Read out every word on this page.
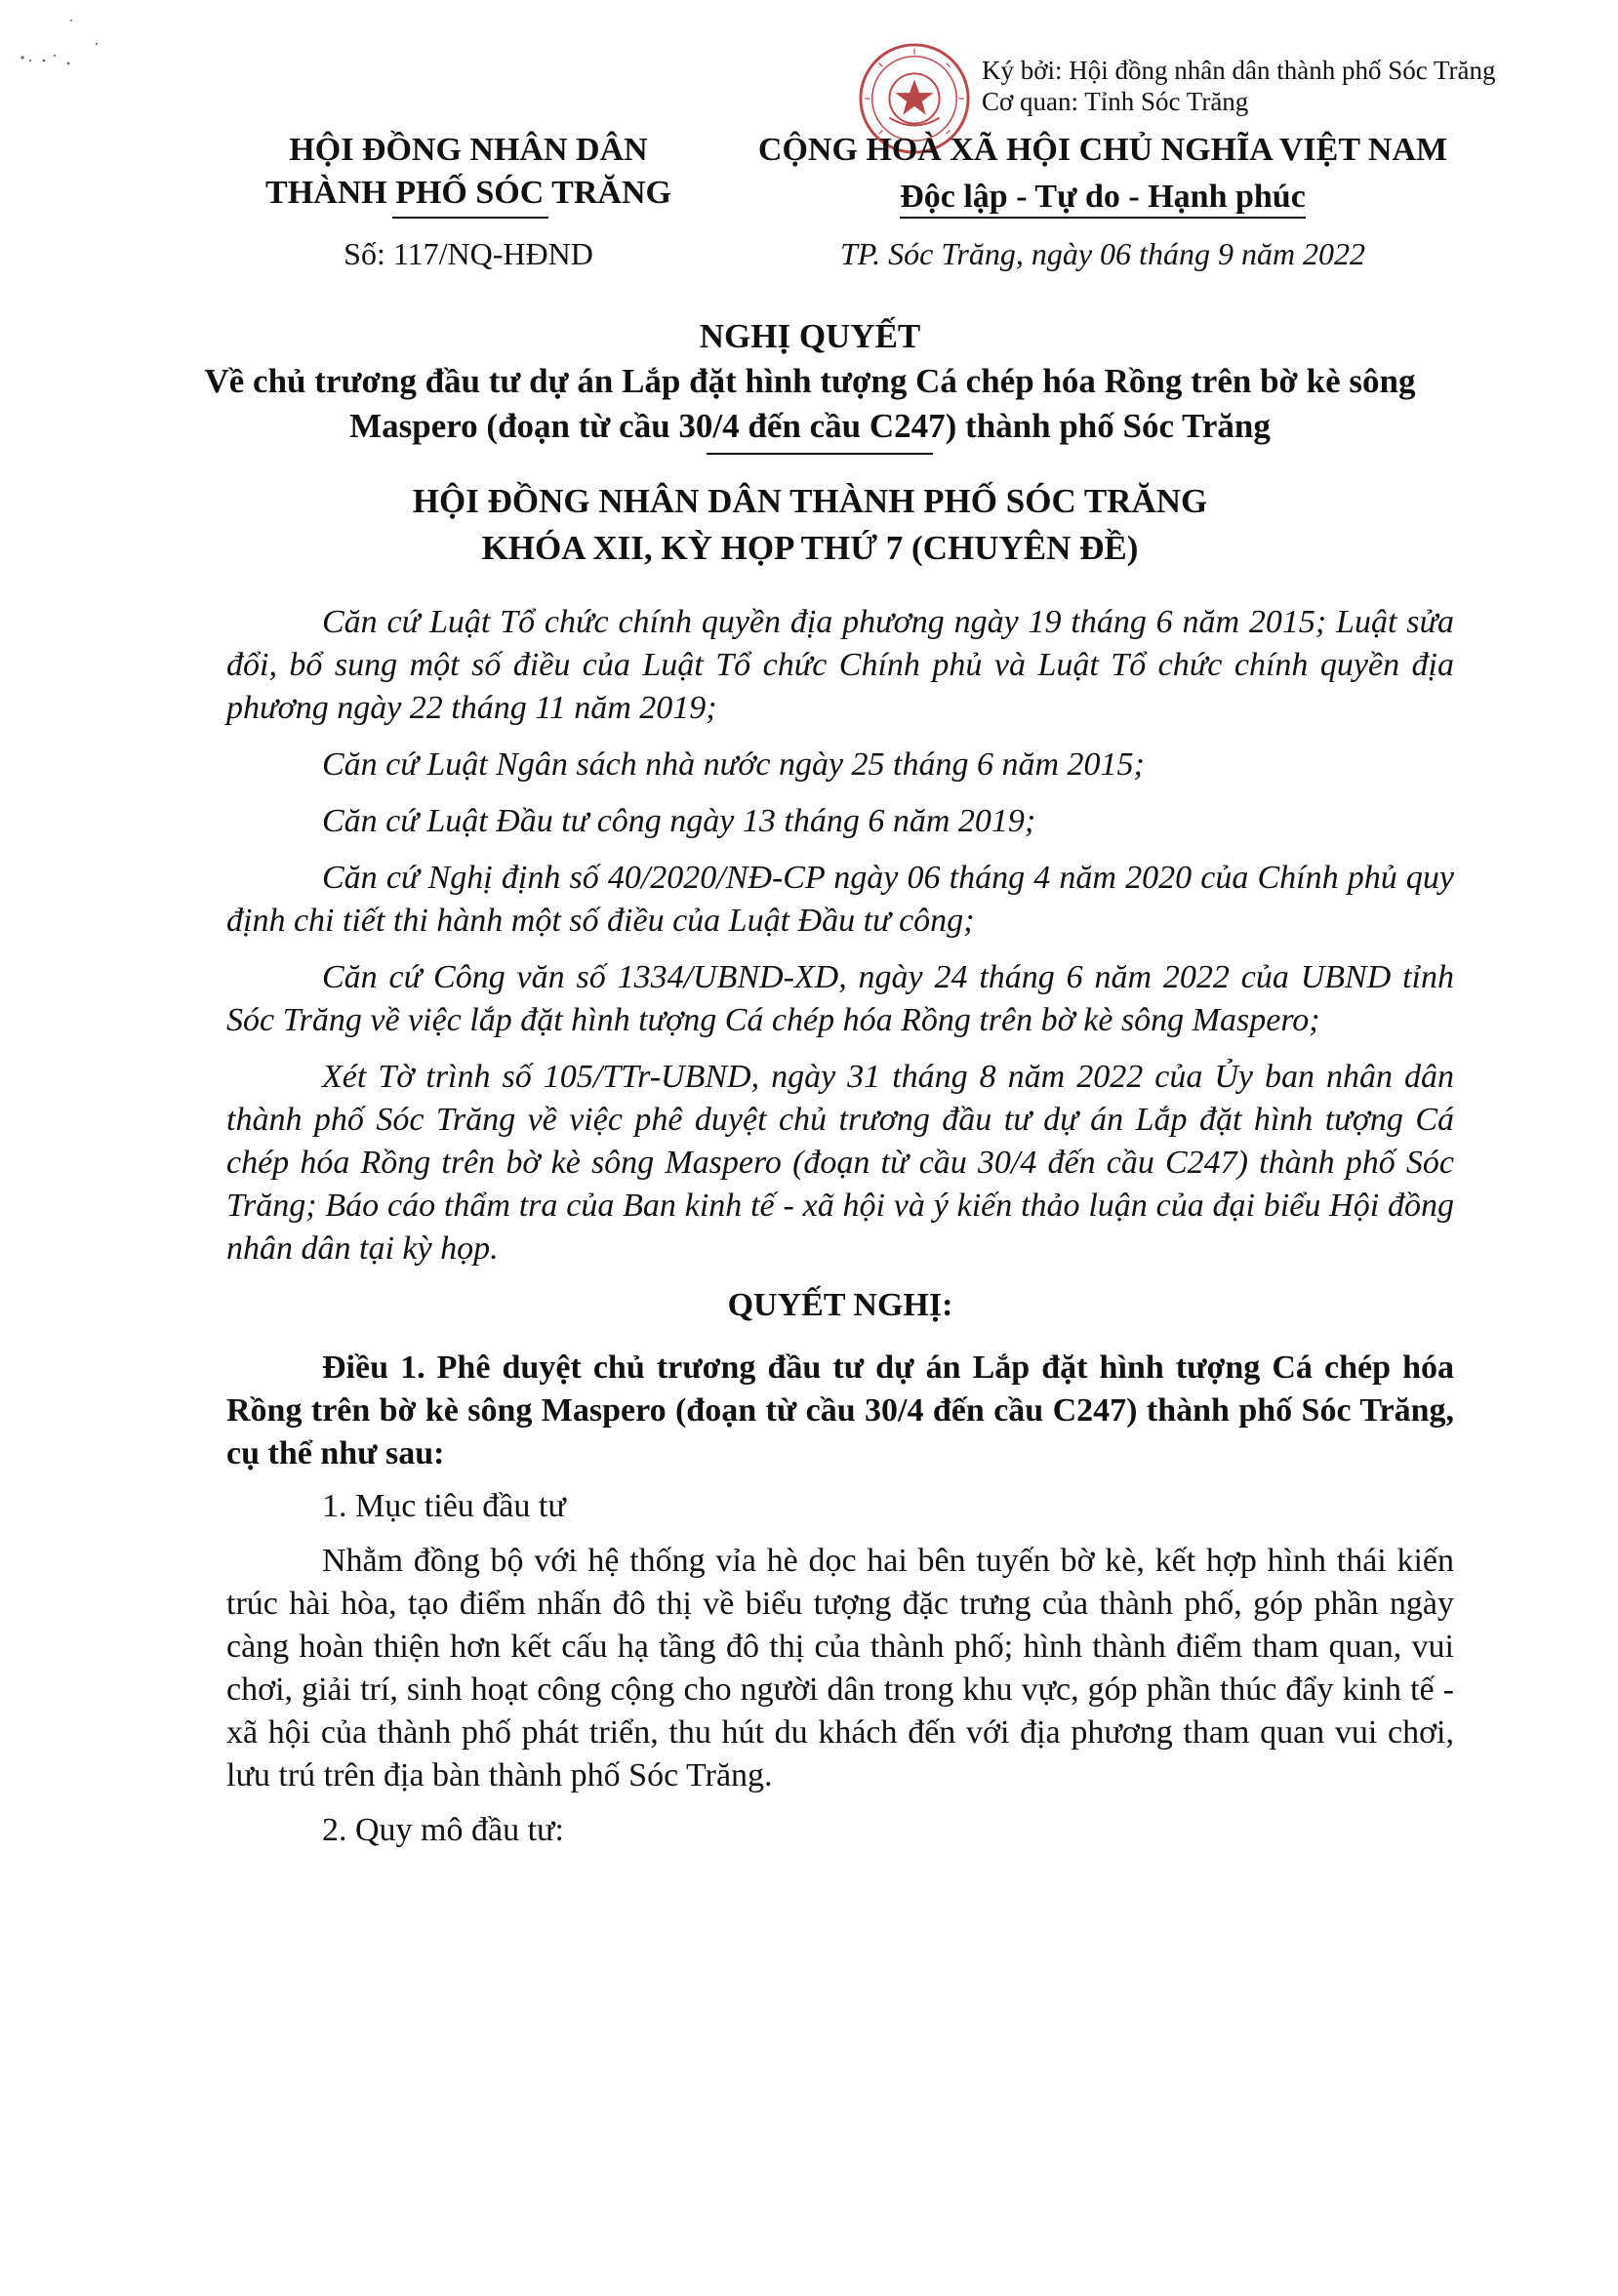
Ký bởi: Hội đồng nhân dân thành phố Sóc Trăng
Cơ quan: Tỉnh Sóc Trăng
HỘI ĐỒNG NHÂN DÂN
THÀNH PHỐ SÓC TRĂNG
Số: 117/NQ-HĐND
CỘNG HOÀ XÃ HỘI CHỦ NGHĨA VIỆT NAM
Độc lập - Tự do - Hạnh phúc
TP. Sóc Trăng, ngày 06 tháng 9 năm 2022
NGHỊ QUYẾT
Về chủ trương đầu tư dự án Lắp đặt hình tượng Cá chép hóa Rồng trên bờ kè sông Maspero (đoạn từ cầu 30/4 đến cầu C247) thành phố Sóc Trăng
HỘI ĐỒNG NHÂN DÂN THÀNH PHỐ SÓC TRĂNG
KHÓA XII, KỲ HỌP THỨ 7 (CHUYÊN ĐỀ)

Căn cứ Luật Tổ chức chính quyền địa phương ngày 19 tháng 6 năm 2015; Luật sửa đổi, bổ sung một số điều của Luật Tổ chức Chính phủ và Luật Tổ chức chính quyền địa phương ngày 22 tháng 11 năm 2019;

Căn cứ Luật Ngân sách nhà nước ngày 25 tháng 6 năm 2015;

Căn cứ Luật Đầu tư công ngày 13 tháng 6 năm 2019;

Căn cứ Nghị định số 40/2020/NĐ-CP ngày 06 tháng 4 năm 2020 của Chính phủ quy định chi tiết thi hành một số điều của Luật Đầu tư công;

Căn cứ Công văn số 1334/UBND-XD, ngày 24 tháng 6 năm 2022 của UBND tỉnh Sóc Trăng về việc lắp đặt hình tượng Cá chép hóa Rồng trên bờ kè sông Maspero;

Xét Tờ trình số 105/TTr-UBND, ngày 31 tháng 8 năm 2022 của Ủy ban nhân dân thành phố Sóc Trăng về việc phê duyệt chủ trương đầu tư dự án Lắp đặt hình tượng Cá chép hóa Rồng trên bờ kè sông Maspero (đoạn từ cầu 30/4 đến cầu C247) thành phố Sóc Trăng; Báo cáo thẩm tra của Ban kinh tế - xã hội và ý kiến thảo luận của đại biểu Hội đồng nhân dân tại kỳ họp.

QUYẾT NGHỊ:

Điều 1. Phê duyệt chủ trương đầu tư dự án Lắp đặt hình tượng Cá chép hóa Rồng trên bờ kè sông Maspero (đoạn từ cầu 30/4 đến cầu C247) thành phố Sóc Trăng, cụ thể như sau:

1. Mục tiêu đầu tư

Nhằm đồng bộ với hệ thống vỉa hè dọc hai bên tuyến bờ kè, kết hợp hình thái kiến trúc hài hòa, tạo điểm nhấn đô thị về biểu tượng đặc trưng của thành phố, góp phần ngày càng hoàn thiện hơn kết cấu hạ tầng đô thị của thành phố; hình thành điểm tham quan, vui chơi, giải trí, sinh hoạt công cộng cho người dân trong khu vực, góp phần thúc đẩy kinh tế - xã hội của thành phố phát triển, thu hút du khách đến với địa phương tham quan vui chơi, lưu trú trên địa bàn thành phố Sóc Trăng.

2. Quy mô đầu tư:
